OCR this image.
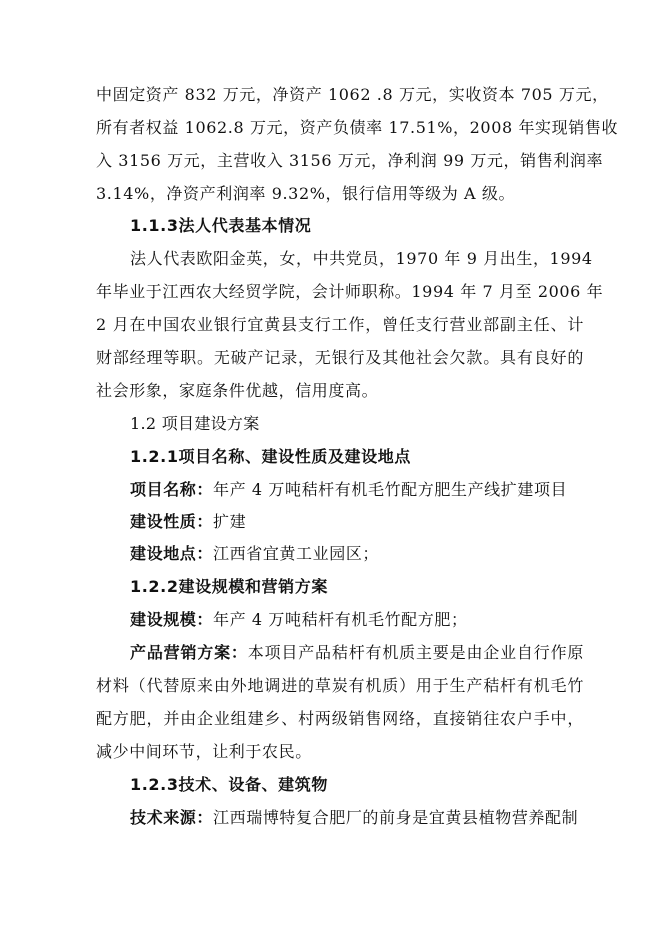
中固定资产 832 万元，净资产 1062 .8 万元，实收资本 705 万元，
所有者权益 1062.8 万元，资产负债率 17.51%，2008 年实现销售收
入 3156 万元，主营收入 3156 万元，净利润 99 万元，销售利润率
3.14%，净资产利润率 9.32%，银行信用等级为 A 级。
1.1.3法人代表基本情况
法人代表欧阳金英，女，中共党员，1970 年 9 月出生，1994
年毕业于江西农大经贸学院，会计师职称。1994 年 7 月至 2006 年
2 月在中国农业银行宜黄县支行工作，曾任支行营业部副主任、计
财部经理等职。无破产记录，无银行及其他社会欠款。具有良好的
社会形象，家庭条件优越，信用度高。
1.2 项目建设方案
1.2.1项目名称、建设性质及建设地点
项目名称：年产 4 万吨秸杆有机毛竹配方肥生产线扩建项目
建设性质：扩建
建设地点：江西省宜黄工业园区；
1.2.2建设规模和营销方案
建设规模：年产 4 万吨秸杆有机毛竹配方肥；
产品营销方案：本项目产品秸杆有机质主要是由企业自行作原
材料（代替原来由外地调进的草炭有机质）用于生产秸杆有机毛竹
配方肥，并由企业组建乡、村两级销售网络，直接销往农户手中，
减少中间环节，让利于农民。
1.2.3技术、设备、建筑物
技术来源：江西瑞博特复合肥厂的前身是宜黄县植物营养配制
